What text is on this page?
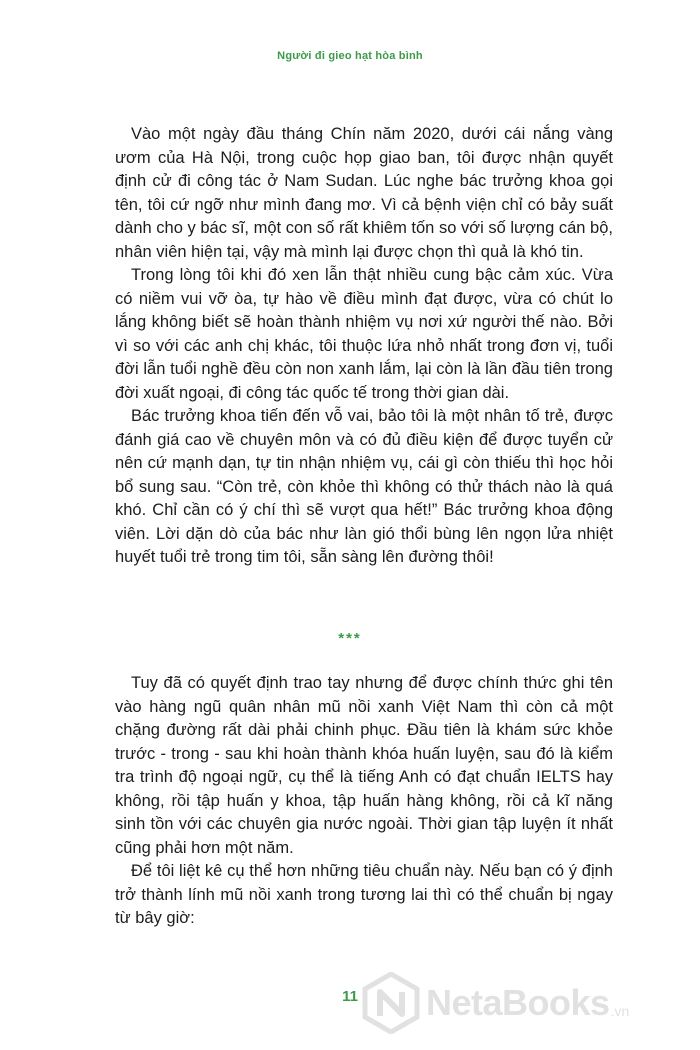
Người đi gieo hạt hòa bình

Vào một ngày đầu tháng Chín năm 2020, dưới cái nắng vàng ươm của Hà Nội, trong cuộc họp giao ban, tôi được nhận quyết định cử đi công tác ở Nam Sudan. Lúc nghe bác trưởng khoa gọi tên, tôi cứ ngỡ như mình đang mơ. Vì cả bệnh viện chỉ có bảy suất dành cho y bác sĩ, một con số rất khiêm tốn so với số lượng cán bộ, nhân viên hiện tại, vậy mà mình lại được chọn thì quả là khó tin.

Trong lòng tôi khi đó xen lẫn thật nhiều cung bậc cảm xúc. Vừa có niềm vui vỡ òa, tự hào về điều mình đạt được, vừa có chút lo lắng không biết sẽ hoàn thành nhiệm vụ nơi xứ người thế nào. Bởi vì so với các anh chị khác, tôi thuộc lứa nhỏ nhất trong đơn vị, tuổi đời lẫn tuổi nghề đều còn non xanh lắm, lại còn là lần đầu tiên trong đời xuất ngoại, đi công tác quốc tế trong thời gian dài.

Bác trưởng khoa tiến đến vỗ vai, bảo tôi là một nhân tố trẻ, được đánh giá cao về chuyên môn và có đủ điều kiện để được tuyển cử nên cứ mạnh dạn, tự tin nhận nhiệm vụ, cái gì còn thiếu thì học hỏi bổ sung sau. “Còn trẻ, còn khỏe thì không có thử thách nào là quá khó. Chỉ cần có ý chí thì sẽ vượt qua hết!” Bác trưởng khoa động viên. Lời dặn dò của bác như làn gió thổi bùng lên ngọn lửa nhiệt huyết tuổi trẻ trong tim tôi, sẵn sàng lên đường thôi!

***

Tuy đã có quyết định trao tay nhưng để được chính thức ghi tên vào hàng ngũ quân nhân mũ nồi xanh Việt Nam thì còn cả một chặng đường rất dài phải chinh phục. Đầu tiên là khám sức khỏe trước - trong - sau khi hoàn thành khóa huấn luyện, sau đó là kiểm tra trình độ ngoại ngữ, cụ thể là tiếng Anh có đạt chuẩn IELTS hay không, rồi tập huấn y khoa, tập huấn hàng không, rồi cả kĩ năng sinh tồn với các chuyên gia nước ngoài. Thời gian tập luyện ít nhất cũng phải hơn một năm.

Để tôi liệt kê cụ thể hơn những tiêu chuẩn này. Nếu bạn có ý định trở thành lính mũ nồi xanh trong tương lai thì có thể chuẩn bị ngay từ bây giờ:

11	NetaBooks .vn
